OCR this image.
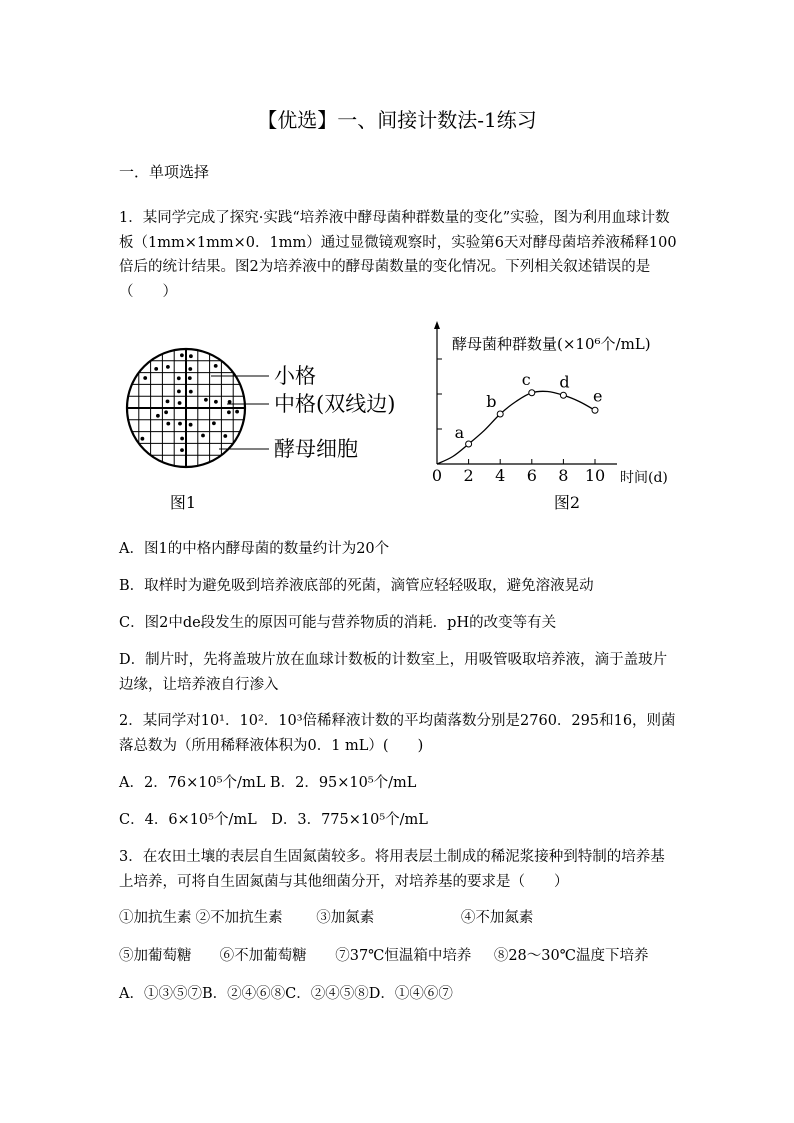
【优选】一、间接计数法-1练习
一．单项选择
1．某同学完成了探究·实践“培养液中酵母菌种群数量的变化”实验，图为利用血球计数板（1mm×1mm×0．1mm）通过显微镜观察时，实验第6天对酵母菌培养液稀释100倍后的统计结果。图2为培养液中的酵母菌数量的变化情况。下列相关叙述错误的是（　　）
小格
中格(双线边)
酵母细胞
图1
酵母菌种群数量(×10⁶个/mL)
时间(d)
0 2 4 6 8 10
a
b
c d
e
图2
A．图1的中格内酵母菌的数量约计为20个
B．取样时为避免吸到培养液底部的死菌，滴管应轻轻吸取，避免溶液晃动
C．图2中de段发生的原因可能与营养物质的消耗．pH的改变等有关
D．制片时，先将盖玻片放在血球计数板的计数室上，用吸管吸取培养液，滴于盖玻片边缘，让培养液自行渗入
2．某同学对10¹．10²．10³倍稀释液计数的平均菌落数分别是2760．295和16，则菌落总数为（所用稀释液体积为0．1 mL）(　　)
A．2．76×10⁵个/mL B．2．95×10⁵个/mL
C．4．6×10⁵个/mL　D．3．775×10⁵个/mL
3．在农田土壤的表层自生固氮菌较多。将用表层土制成的稀泥浆接种到特制的培养基上培养，可将自生固氮菌与其他细菌分开，对培养基的要求是（　　）
①加抗生素 ②不加抗生素 ③加氮素	④不加氮素
⑤加葡萄糖 ⑥不加葡萄糖 ⑦37℃恒温箱中培养 ⑧28～30℃温度下培养
A．①③⑤⑦B．②④⑥⑧C．②④⑤⑧D．①④⑥⑦
